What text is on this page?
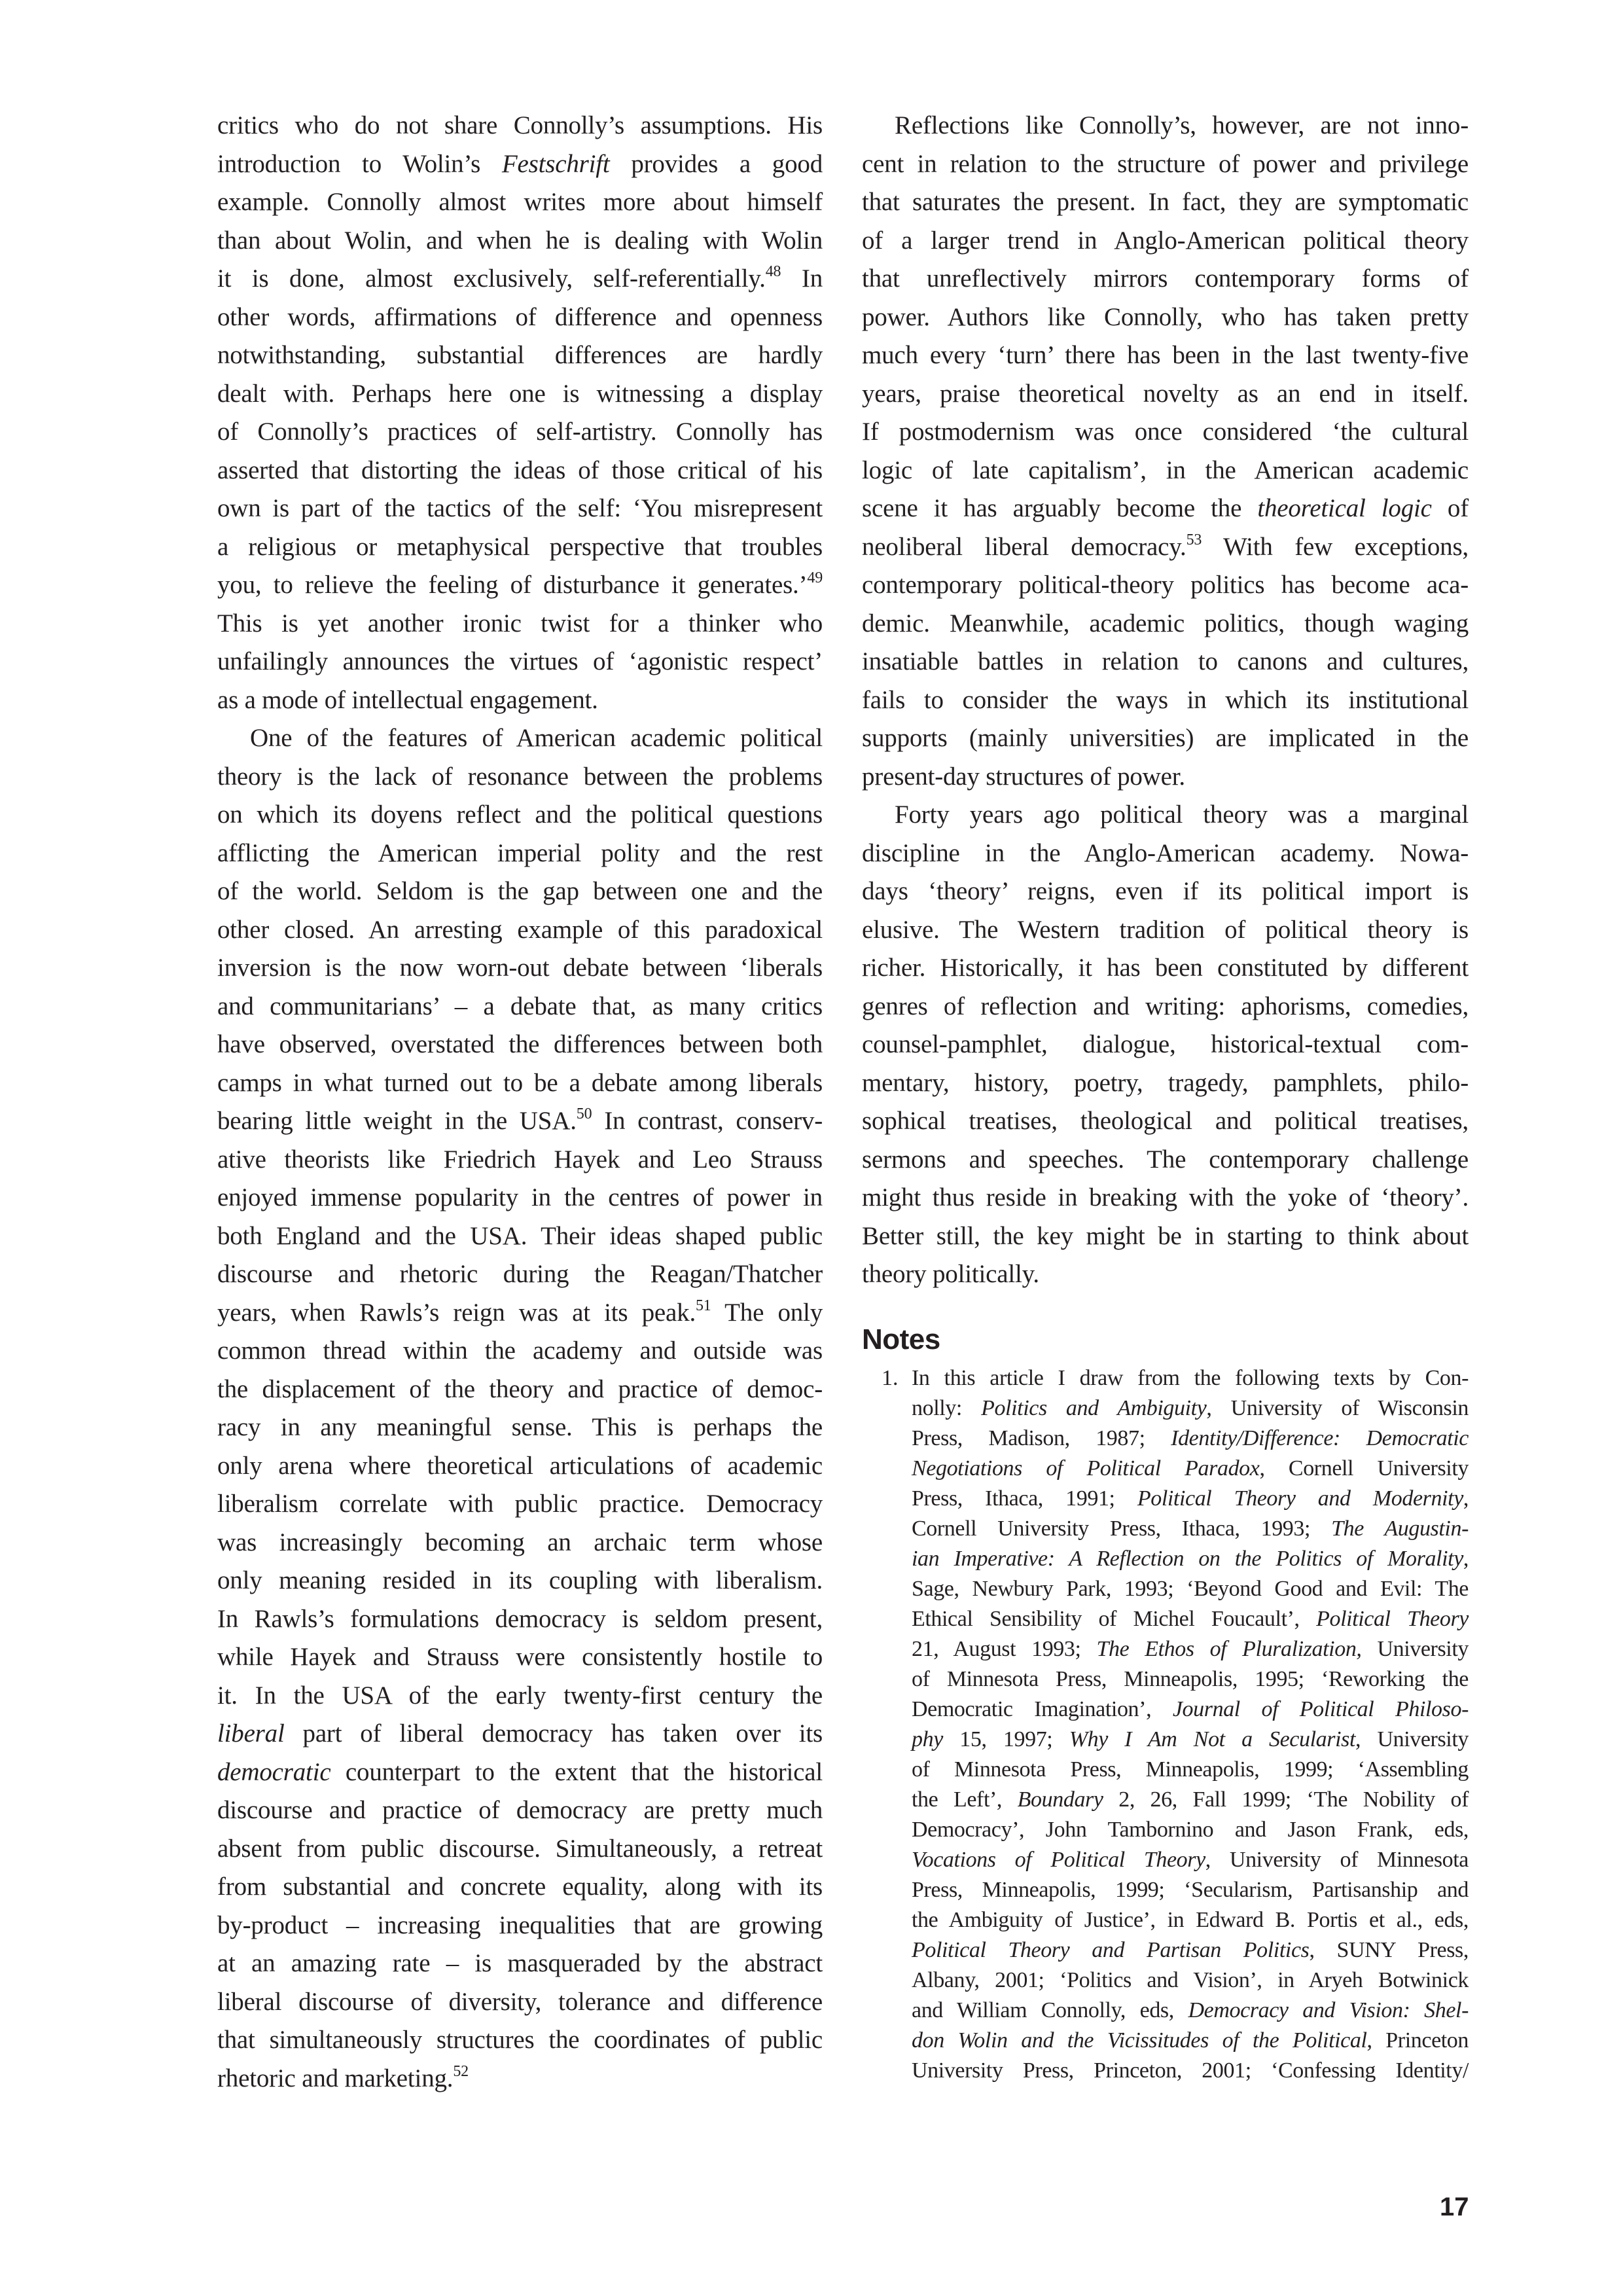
critics who do not share Connolly’s assumptions. His
introduction to Wolin’s Festschrift provides a good
example. Connolly almost writes more about himself
than about Wolin, and when he is dealing with Wolin
it is done, almost exclusively, self-referentially.$^{48}$ In
other words, affirmations of difference and openness
notwithstanding, substantial differences are hardly
dealt with. Perhaps here one is witnessing a display
of Connolly’s practices of self-artistry. Connolly has
asserted that distorting the ideas of those critical of his
own is part of the tactics of the self: ‘You misrepresent
a religious or metaphysical perspective that troubles
you, to relieve the feeling of disturbance it generates.’$^{49}$
This is yet another ironic twist for a thinker who
unfailingly announces the virtues of ‘agonistic respect’
as a mode of intellectual engagement.
One of the features of American academic political
theory is the lack of resonance between the problems
on which its doyens reflect and the political questions
afflicting the American imperial polity and the rest
of the world. Seldom is the gap between one and the
other closed. An arresting example of this paradoxical
inversion is the now worn-out debate between ‘liberals
and communitarians’ – a debate that, as many critics
have observed, overstated the differences between both
camps in what turned out to be a debate among liberals
bearing little weight in the USA.$^{50}$ In contrast, conserv-
ative theorists like Friedrich Hayek and Leo Strauss
enjoyed immense popularity in the centres of power in
both England and the USA. Their ideas shaped public
discourse and rhetoric during the Reagan/Thatcher
years, when Rawls’s reign was at its peak.$^{51}$ The only
common thread within the academy and outside was
the displacement of the theory and practice of democ-
racy in any meaningful sense. This is perhaps the
only arena where theoretical articulations of academic
liberalism correlate with public practice. Democracy
was increasingly becoming an archaic term whose
only meaning resided in its coupling with liberalism.
In Rawls’s formulations democracy is seldom present,
while Hayek and Strauss were consistently hostile to
it. In the USA of the early twenty-first century the
liberal part of liberal democracy has taken over its
democratic counterpart to the extent that the historical
discourse and practice of democracy are pretty much
absent from public discourse. Simultaneously, a retreat
from substantial and concrete equality, along with its
by-product – increasing inequalities that are growing
at an amazing rate – is masqueraded by the abstract
liberal discourse of diversity, tolerance and difference
that simultaneously structures the coordinates of public
rhetoric and marketing.$^{52}$
Reflections like Connolly’s, however, are not inno-
cent in relation to the structure of power and privilege
that saturates the present. In fact, they are symptomatic
of a larger trend in Anglo-American political theory
that unreflectively mirrors contemporary forms of
power. Authors like Connolly, who has taken pretty
much every ‘turn’ there has been in the last twenty-five
years, praise theoretical novelty as an end in itself.
If postmodernism was once considered ‘the cultural
logic of late capitalism’, in the American academic
scene it has arguably become the theoretical logic of
neoliberal liberal democracy.$^{53}$ With few exceptions,
contemporary political-theory politics has become aca-
demic. Meanwhile, academic politics, though waging
insatiable battles in relation to canons and cultures,
fails to consider the ways in which its institutional
supports (mainly universities) are implicated in the
present-day structures of power.
Forty years ago political theory was a marginal
discipline in the Anglo-American academy. Nowa-
days ‘theory’ reigns, even if its political import is
elusive. The Western tradition of political theory is
richer. Historically, it has been constituted by different
genres of reflection and writing: aphorisms, comedies,
counsel-pamphlet, dialogue, historical-textual com-
mentary, history, poetry, tragedy, pamphlets, philo-
sophical treatises, theological and political treatises,
sermons and speeches. The contemporary challenge
might thus reside in breaking with the yoke of ‘theory’.
Better still, the key might be in starting to think about
theory politically.
Notes
1. In this article I draw from the following texts by Con-
nolly: Politics and Ambiguity, University of Wisconsin
Press, Madison, 1987; Identity/Difference: Democratic
Negotiations of Political Paradox, Cornell University
Press, Ithaca, 1991; Political Theory and Modernity,
Cornell University Press, Ithaca, 1993; The Augustin-
ian Imperative: A Reflection on the Politics of Morality,
Sage, Newbury Park, 1993; ‘Beyond Good and Evil: The
Ethical Sensibility of Michel Foucault’, Political Theory
21, August 1993; The Ethos of Pluralization, University
of Minnesota Press, Minneapolis, 1995; ‘Reworking the
Democratic Imagination’, Journal of Political Philoso-
phy 15, 1997; Why I Am Not a Secularist, University
of Minnesota Press, Minneapolis, 1999; ‘Assembling
the Left’, Boundary 2, 26, Fall 1999; ‘The Nobility of
Democracy’, John Tambornino and Jason Frank, eds,
Vocations of Political Theory, University of Minnesota
Press, Minneapolis, 1999; ‘Secularism, Partisanship and
the Ambiguity of Justice’, in Edward B. Portis et al., eds,
Political Theory and Partisan Politics, SUNY Press,
Albany, 2001; ‘Politics and Vision’, in Aryeh Botwinick
and William Connolly, eds, Democracy and Vision: Shel-
don Wolin and the Vicissitudes of the Political, Princeton
University Press, Princeton, 2001; ‘Confessing Identity/
17
